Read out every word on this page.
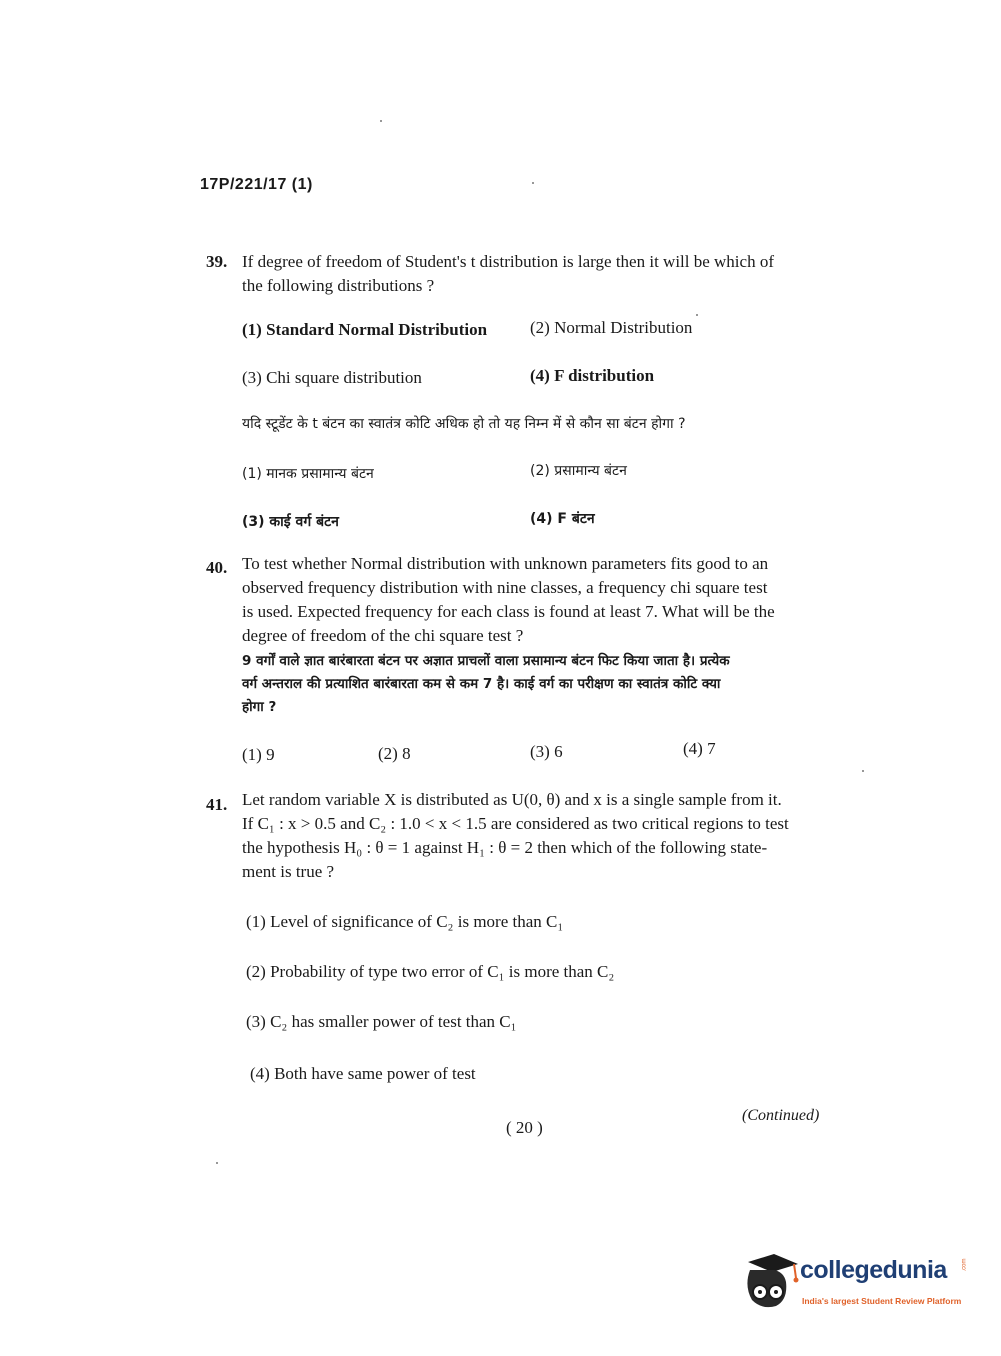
17P/221/17 (1)
39. If degree of freedom of Student's t distribution is large then it will be which of
the following distributions ?
(1) Standard Normal Distribution	(2) Normal Distribution
(3) Chi square distribution	(4) F distribution
यदि स्टूडेंट के t बंटन का स्वातंत्र कोटि अधिक हो तो यह निम्न में से कौन सा बंटन होगा ?
(1) मानक प्रसामान्य बंटन	(2) प्रसामान्य बंटन
(3) काई वर्ग बंटन	(4) F बंटन
40. To test whether Normal distribution with unknown parameters fits good to an
observed frequency distribution with nine classes, a frequency chi square test
is used. Expected frequency for each class is found at least 7. What will be the
degree of freedom of the chi square test ?
9 वर्गों वाले ज्ञात बारंबारता बंटन पर अज्ञात प्राचलों वाला प्रसामान्य बंटन फिट किया जाता है। प्रत्येक
वर्ग अन्तराल की प्रत्याशित बारंबारता कम से कम 7 है। काई वर्ग का परीक्षण का स्वातंत्र कोटि क्या
होगा ?
(1) 9	(2) 8	(3) 6	(4) 7
41. Let random variable X is distributed as U(0, θ) and x is a single sample from it.
If C₁ : x > 0.5 and C₂ : 1.0 < x < 1.5 are considered as two critical regions to test
the hypothesis H₀ : θ = 1 against H₁ : θ = 2 then which of the following state-
ment is true ?
(1) Level of significance of C₂ is more than C₁
(2) Probability of type two error of C₁ is more than C₂
(3) C₂ has smaller power of test than C₁
(4) Both have same power of test
( 20 )
(Continued)
collegedunia .com
India's largest Student Review Platform
